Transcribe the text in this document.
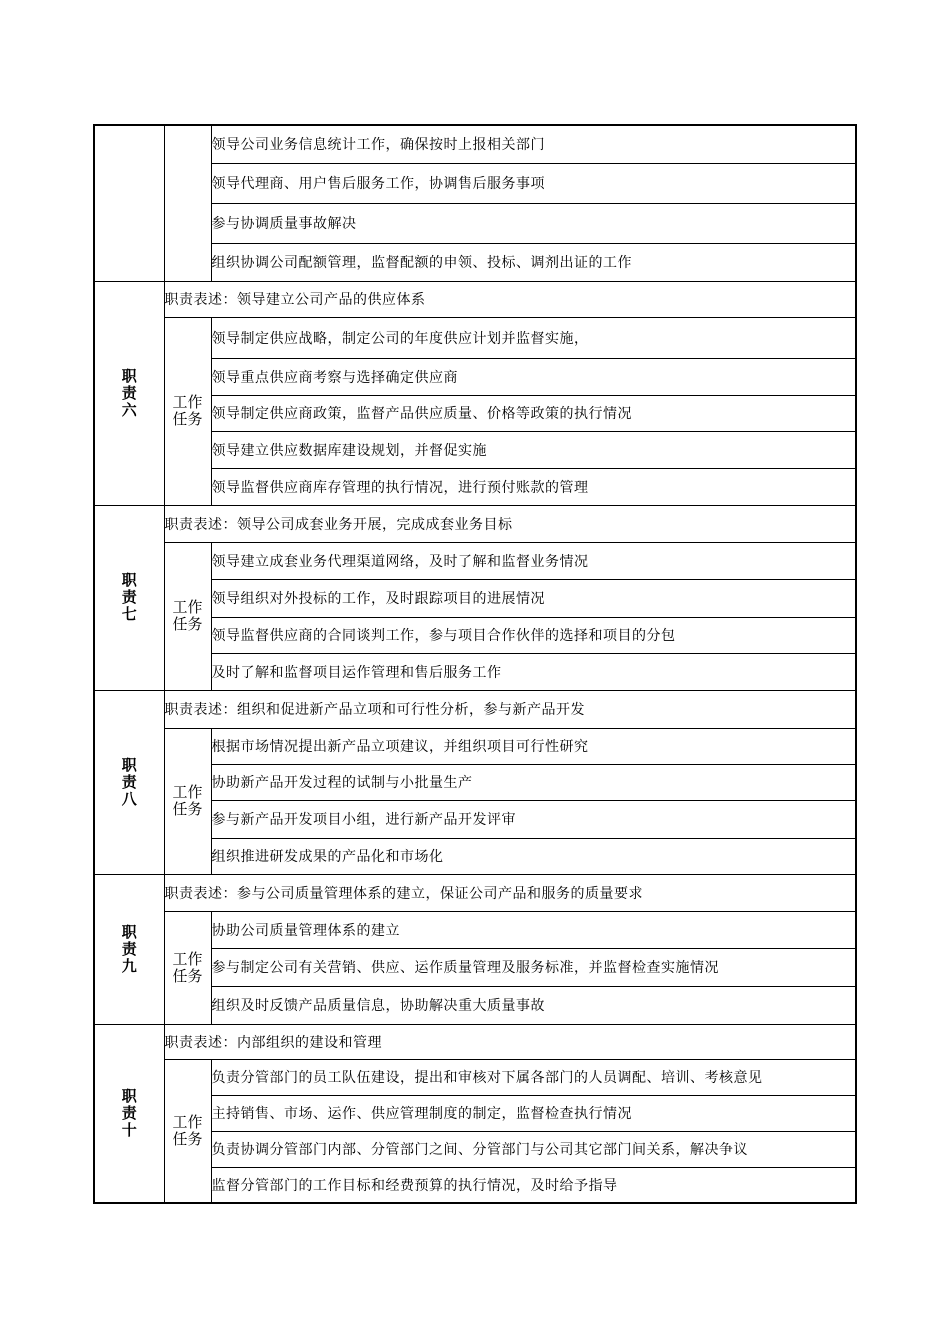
		领导公司业务信息统计工作，确保按时上报相关部门
		领导代理商、用户售后服务工作，协调售后服务事项
		参与协调质量事故解决
		组织协调公司配额管理，监督配额的申领、投标、调剂出证的工作
职责六	职责表述：领导建立公司产品的供应体系	
	工作任务	领导制定供应战略，制定公司的年度供应计划并监督实施，
		领导重点供应商考察与选择确定供应商
		领导制定供应商政策，监督产品供应质量、价格等政策的执行情况
		领导建立供应数据库建设规划，并督促实施
		领导监督供应商库存管理的执行情况，进行预付账款的管理
职责七	职责表述：领导公司成套业务开展，完成成套业务目标	
	工作任务	领导建立成套业务代理渠道网络，及时了解和监督业务情况
		领导组织对外投标的工作，及时跟踪项目的进展情况
		领导监督供应商的合同谈判工作，参与项目合作伙伴的选择和项目的分包
		及时了解和监督项目运作管理和售后服务工作
职责八	职责表述：组织和促进新产品立项和可行性分析，参与新产品开发	
	工作任务	根据市场情况提出新产品立项建议，并组织项目可行性研究
		协助新产品开发过程的试制与小批量生产
		参与新产品开发项目小组，进行新产品开发评审
		组织推进研发成果的产品化和市场化
职责九	职责表述：参与公司质量管理体系的建立，保证公司产品和服务的质量要求	
	工作任务	协助公司质量管理体系的建立
		参与制定公司有关营销、供应、运作质量管理及服务标准，并监督检查实施情况
		组织及时反馈产品质量信息，协助解决重大质量事故
职责十	职责表述：内部组织的建设和管理	
	工作任务	负责分管部门的员工队伍建设，提出和审核对下属各部门的人员调配、培训、考核意见
		主持销售、市场、运作、供应管理制度的制定，监督检查执行情况
		负责协调分管部门内部、分管部门之间、分管部门与公司其它部门间关系，解决争议
		监督分管部门的工作目标和经费预算的执行情况，及时给予指导
